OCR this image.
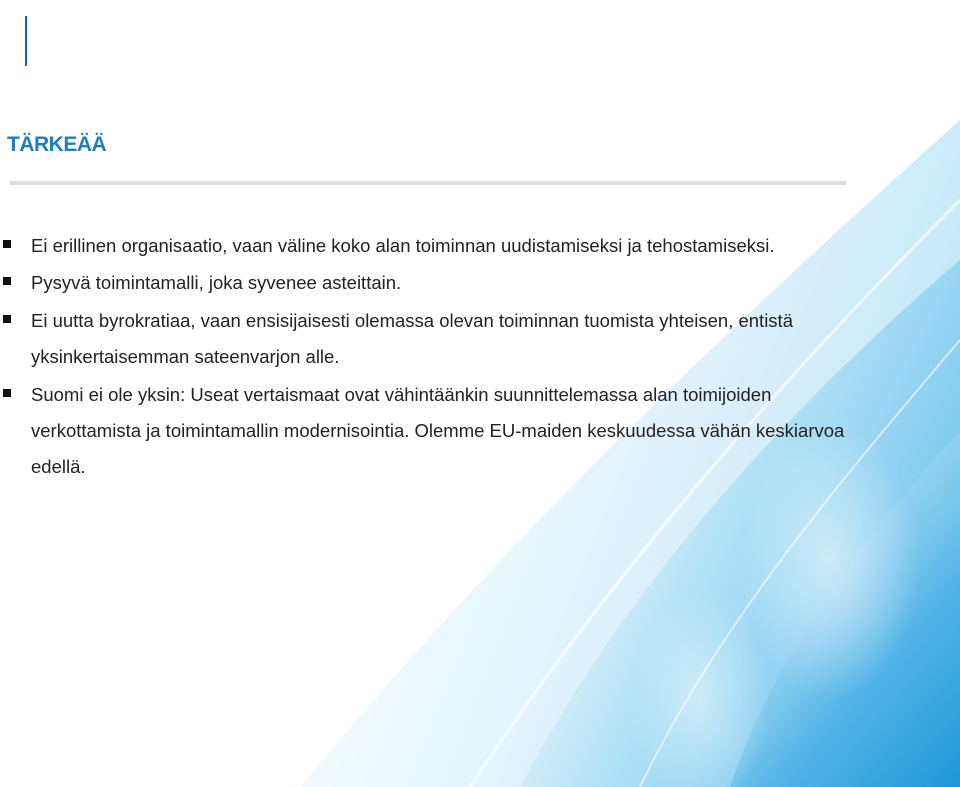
TÄRKEÄÄ
Ei erillinen organisaatio, vaan väline koko alan toiminnan uudistamiseksi ja tehostamiseksi.
Pysyvä toimintamalli, joka syvenee asteittain.
Ei uutta byrokratiaa, vaan ensisijaisesti olemassa olevan toiminnan tuomista yhteisen, entistä yksinkertaisemman sateenvarjon alle.
Suomi ei ole yksin: Useat vertaismaat ovat vähintäänkin suunnittelemassa alan toimijoiden verkottamista ja toimintamallin modernisointia. Olemme EU-maiden keskuudessa vähän keskiarvoa edellä.
